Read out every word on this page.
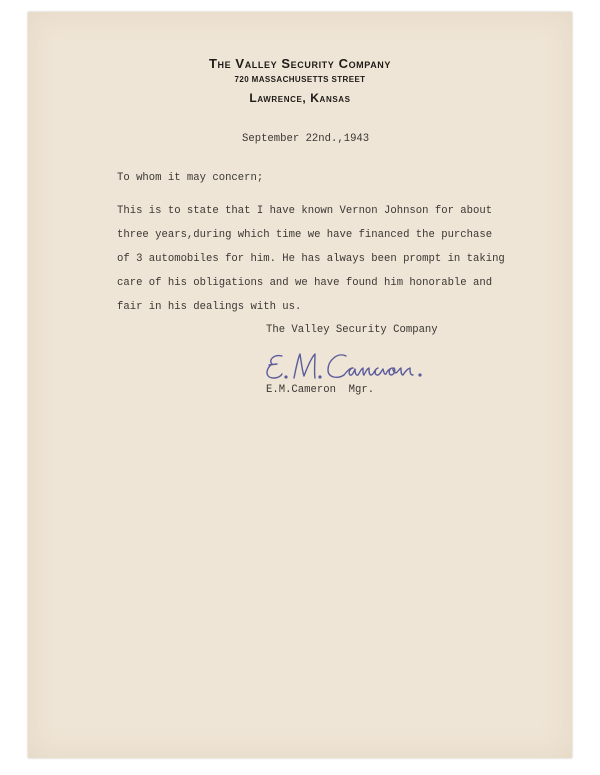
The Valley Security Company
720 MASSACHUSETTS STREET
Lawrence, Kansas
September 22nd.,1943
To whom it may concern;
This is to state that I have known Vernon Johnson for about
three years,during which time we have financed the purchase
of 3 automobiles for him. He has always been prompt in taking
care of his obligations and we have found him honorable and
fair in his dealings with us.
The Valley Security Company
E.M.Cameron  Mgr.
